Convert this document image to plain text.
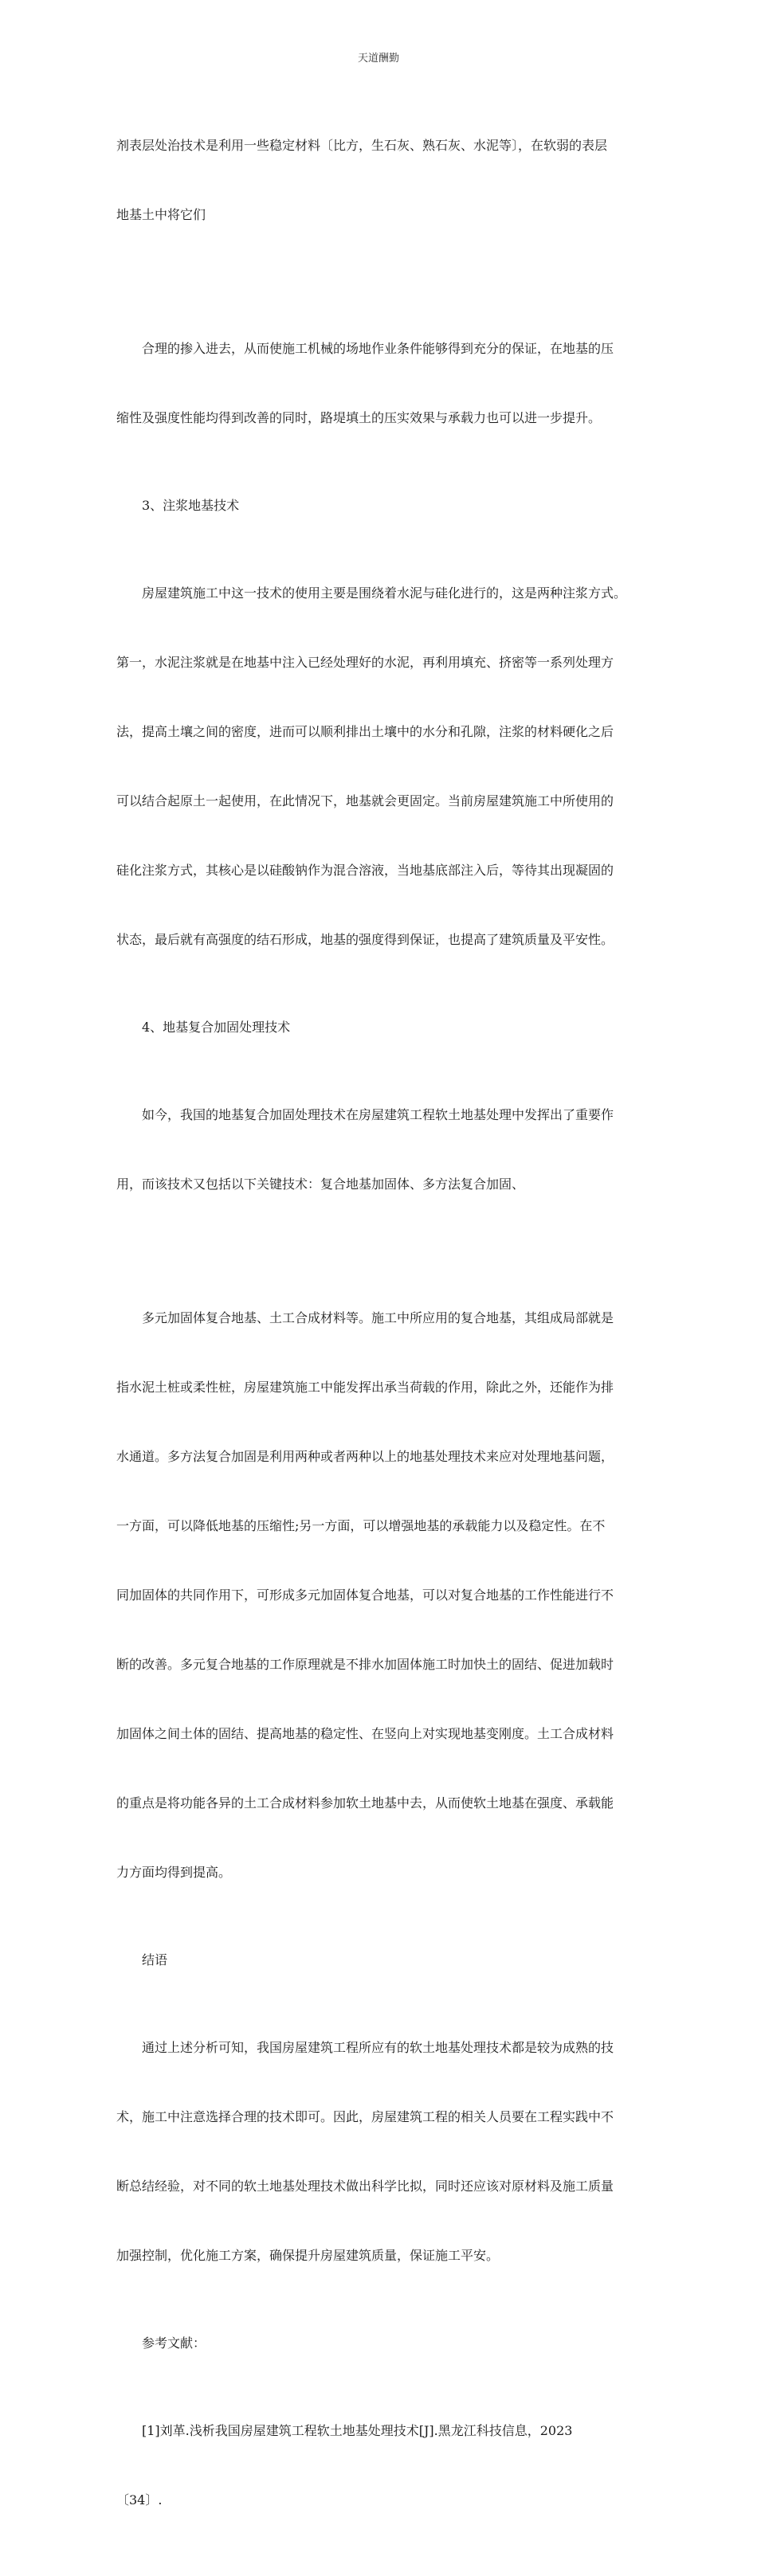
天道酬勤

剂表层处治技术是利用一些稳定材料〔比方，生石灰、熟石灰、水泥等〕，在软弱的表层

地基土中将它们

合理的掺入进去，从而使施工机械的场地作业条件能够得到充分的保证，在地基的压

缩性及强度性能均得到改善的同时，路堤填土的压实效果与承载力也可以进一步提升。

3、注浆地基技术

房屋建筑施工中这一技术的使用主要是围绕着水泥与硅化进行的，这是两种注浆方式。

第一，水泥注浆就是在地基中注入已经处理好的水泥，再利用填充、挤密等一系列处理方

法，提高土壤之间的密度，进而可以顺利排出土壤中的水分和孔隙，注浆的材料硬化之后

可以结合起原土一起使用，在此情况下，地基就会更固定。当前房屋建筑施工中所使用的

硅化注浆方式，其核心是以硅酸钠作为混合溶液，当地基底部注入后，等待其出现凝固的

状态，最后就有高强度的结石形成，地基的强度得到保证，也提高了建筑质量及平安性。

4、地基复合加固处理技术

如今，我国的地基复合加固处理技术在房屋建筑工程软土地基处理中发挥出了重要作

用，而该技术又包括以下关键技术：复合地基加固体、多方法复合加固、

多元加固体复合地基、土工合成材料等。施工中所应用的复合地基，其组成局部就是

指水泥土桩或柔性桩，房屋建筑施工中能发挥出承当荷载的作用，除此之外，还能作为排

水通道。多方法复合加固是利用两种或者两种以上的地基处理技术来应对处理地基问题，

一方面，可以降低地基的压缩性;另一方面，可以增强地基的承载能力以及稳定性。在不

同加固体的共同作用下，可形成多元加固体复合地基，可以对复合地基的工作性能进行不

断的改善。多元复合地基的工作原理就是不排水加固体施工时加快土的固结、促进加载时

加固体之间土体的固结、提高地基的稳定性、在竖向上对实现地基变刚度。土工合成材料

的重点是将功能各异的土工合成材料参加软土地基中去，从而使软土地基在强度、承载能

力方面均得到提高。

结语

通过上述分析可知，我国房屋建筑工程所应有的软土地基处理技术都是较为成熟的技

术，施工中注意选择合理的技术即可。因此，房屋建筑工程的相关人员要在工程实践中不

断总结经验，对不同的软土地基处理技术做出科学比拟，同时还应该对原材料及施工质量

加强控制，优化施工方案，确保提升房屋建筑质量，保证施工平安。

参考文献：

[1]刘革.浅析我国房屋建筑工程软土地基处理技术[J].黑龙江科技信息，2023

〔34〕.
